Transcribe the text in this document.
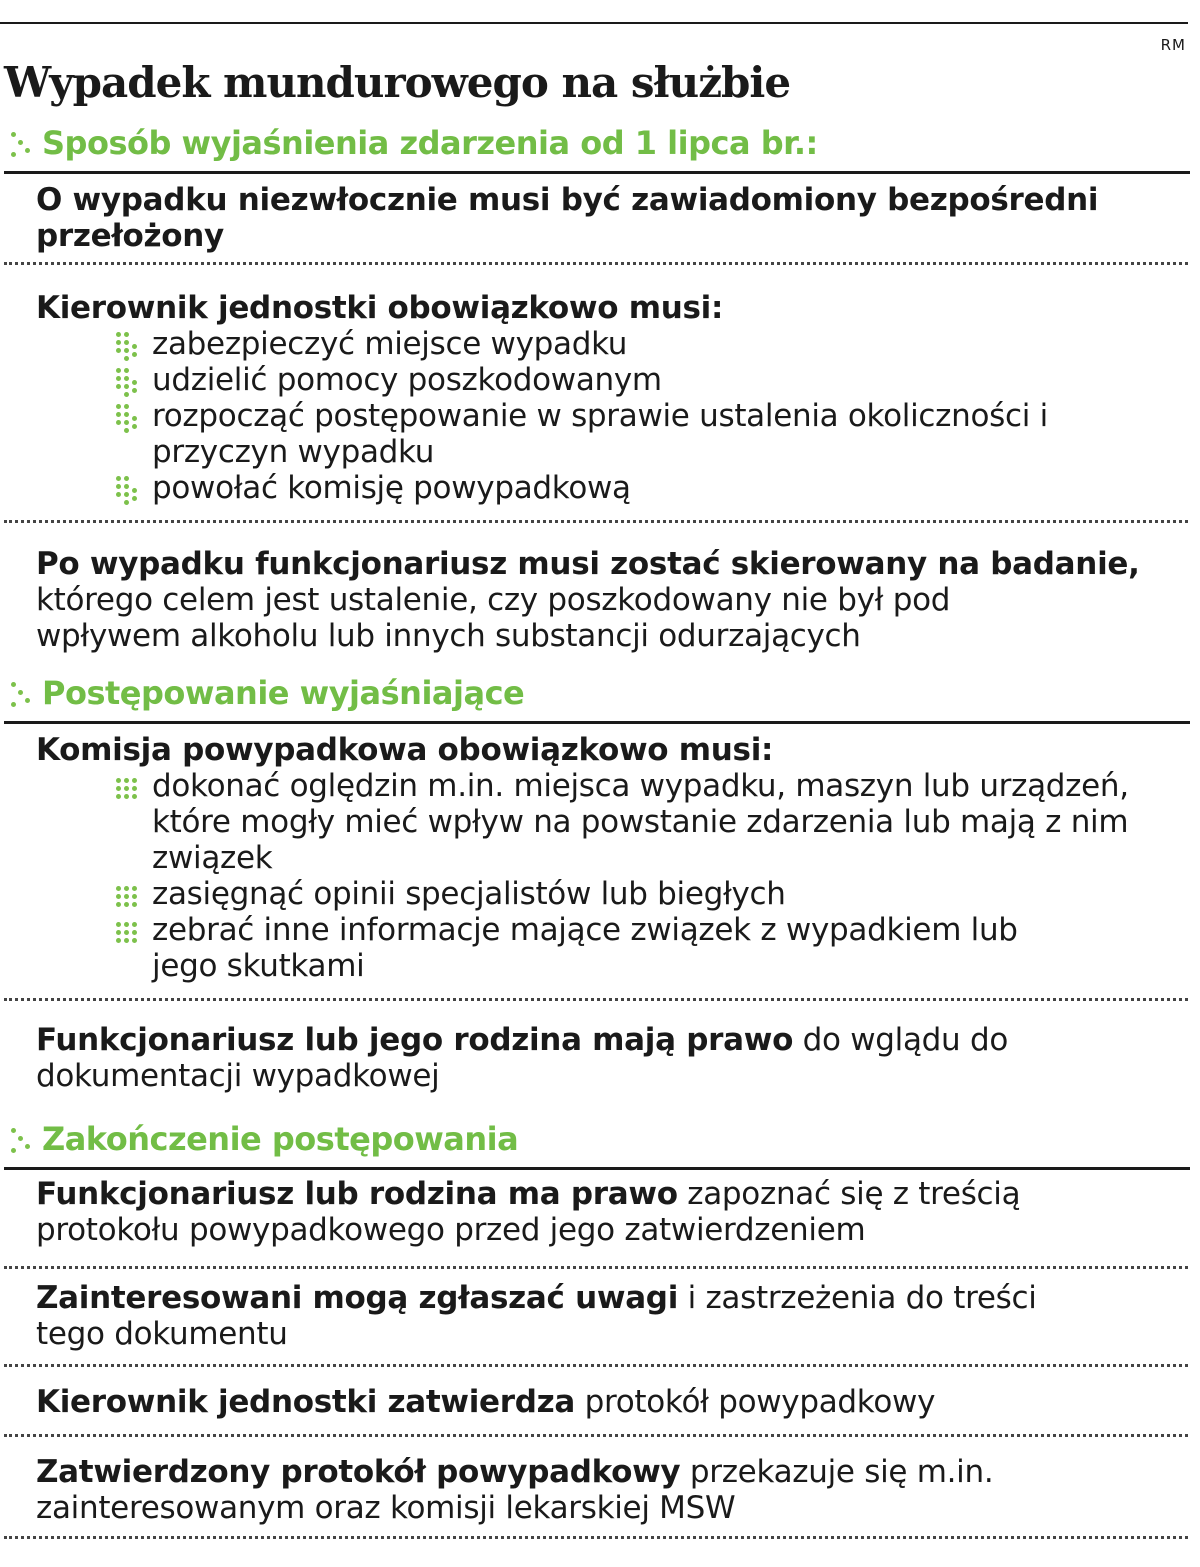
RM
Wypadek mundurowego na służbie
Sposób wyjaśnienia zdarzenia od 1 lipca br.:
O wypadku niezwłocznie musi być zawiadomiony bezpośredni przełożony
Kierownik jednostki obowiązkowo musi:
zabezpieczyć miejsce wypadku
udzielić pomocy poszkodowanym
rozpocząć postępowanie w sprawie ustalenia okoliczności i przyczyn wypadku
powołać komisję powypadkową
Po wypadku funkcjonariusz musi zostać skierowany na badanie,
którego celem jest ustalenie, czy poszkodowany nie był pod wpływem alkoholu lub innych substancji odurzających
Postępowanie wyjaśniające
Komisja powypadkowa obowiązkowo musi:
dokonać oględzin m.in. miejsca wypadku, maszyn lub urządzeń, które mogły mieć wpływ na powstanie zdarzenia lub mają z nim związek
zasięgnąć opinii specjalistów lub biegłych
zebrać inne informacje mające związek z wypadkiem lub jego skutkami
Funkcjonariusz lub jego rodzina mają prawo do wglądu do dokumentacji wypadkowej
Zakończenie postępowania
Funkcjonariusz lub rodzina ma prawo zapoznać się z treścią protokołu powypadkowego przed jego zatwierdzeniem
Zainteresowani mogą zgłaszać uwagi i zastrzeżenia do treści tego dokumentu
Kierownik jednostki zatwierdza protokół powypadkowy
Zatwierdzony protokół powypadkowy przekazuje się m.in. zainteresowanym oraz komisji lekarskiej MSW
